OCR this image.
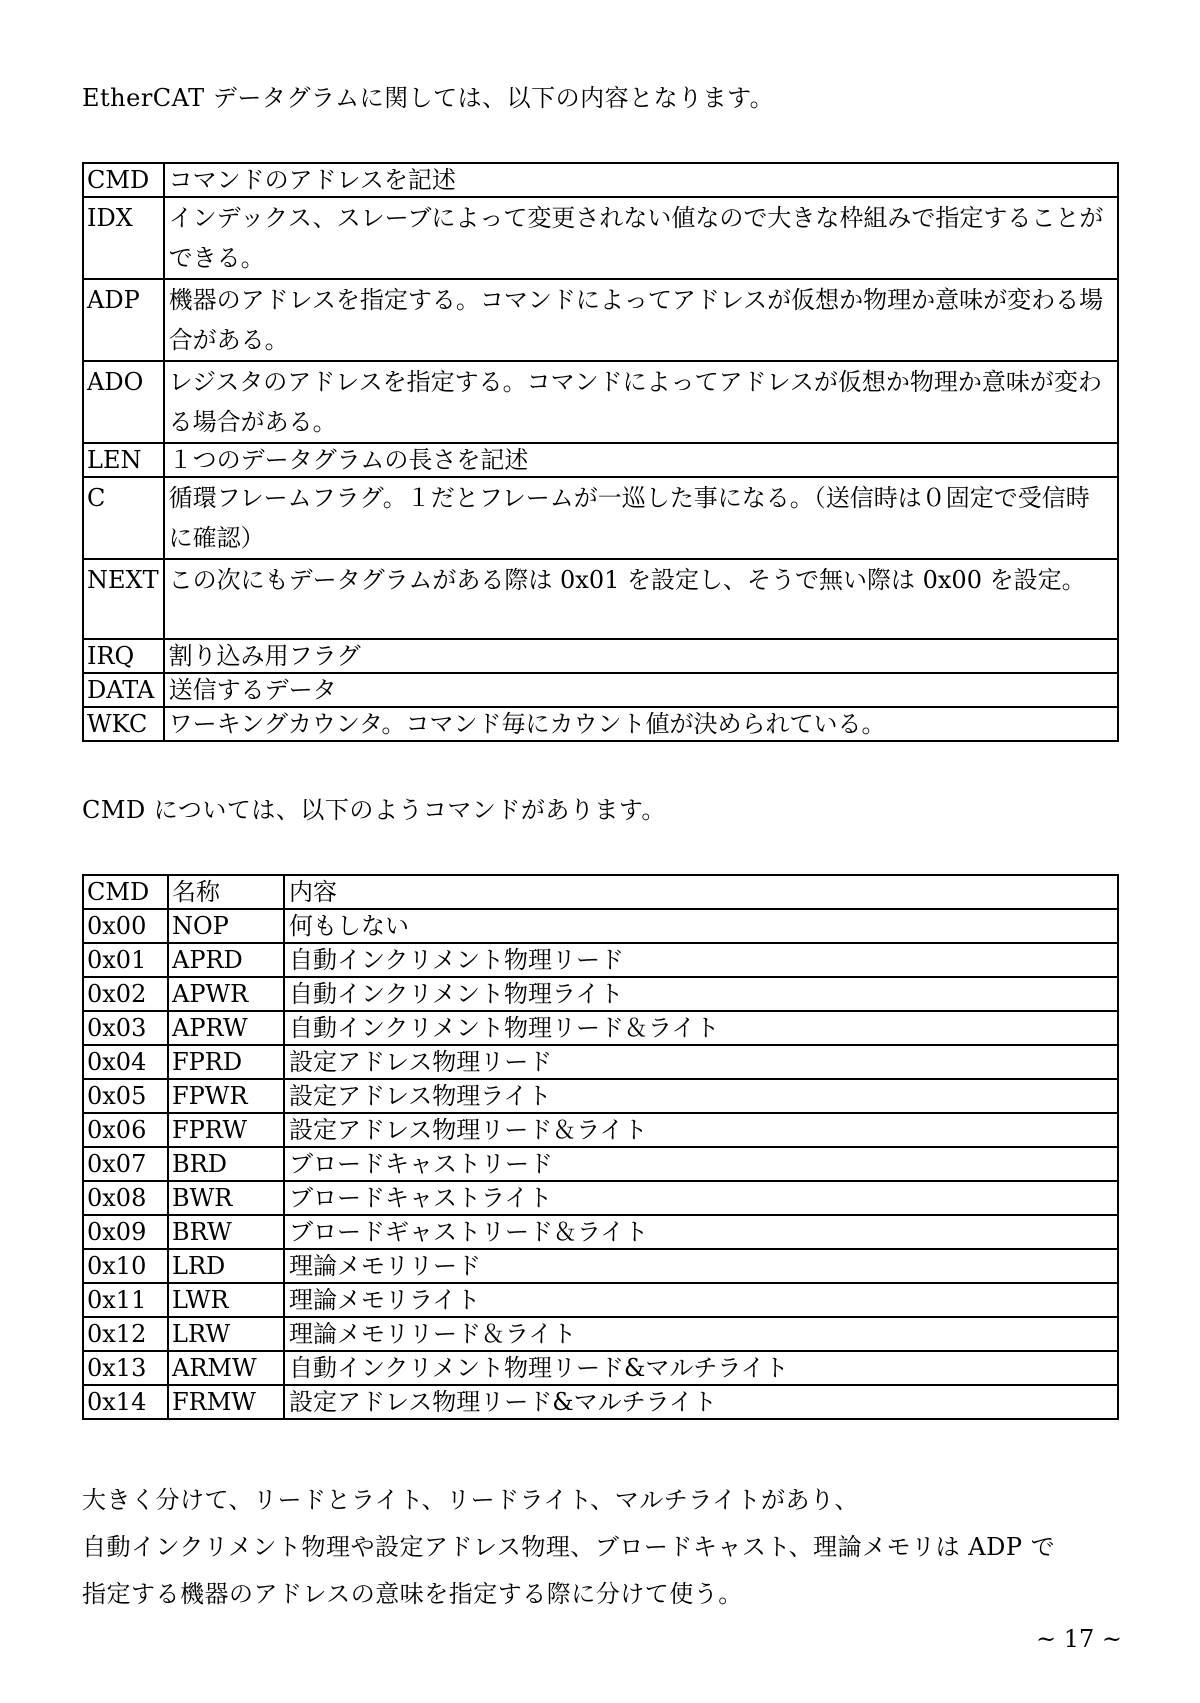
EtherCAT データグラムに関しては、以下の内容となります。
CMD	コマンドのアドレスを記述
IDX	インデックス、スレーブによって変更されない値なので大きな枠組みで指定することができる。
ADP	機器のアドレスを指定する。コマンドによってアドレスが仮想か物理か意味が変わる場合がある。
ADO	レジスタのアドレスを指定する。コマンドによってアドレスが仮想か物理か意味が変わる場合がある。
LEN	１つのデータグラムの長さを記述
C	循環フレームフラグ。１だとフレームが一巡した事になる。（送信時は０固定で受信時に確認）
NEXT	この次にもデータグラムがある際は 0x01 を設定し、そうで無い際は 0x00 を設定。
IRQ	割り込み用フラグ
DATA	送信するデータ
WKC	ワーキングカウンタ。コマンド毎にカウント値が決められている。
CMD については、以下のようコマンドがあります。
CMD	名称	内容
0x00	NOP	何もしない
0x01	APRD	自動インクリメント物理リード
0x02	APWR	自動インクリメント物理ライト
0x03	APRW	自動インクリメント物理リード＆ライト
0x04	FPRD	設定アドレス物理リード
0x05	FPWR	設定アドレス物理ライト
0x06	FPRW	設定アドレス物理リード＆ライト
0x07	BRD	ブロードキャストリード
0x08	BWR	ブロードキャストライト
0x09	BRW	ブロードギャストリード＆ライト
0x10	LRD	理論メモリリード
0x11	LWR	理論メモリライト
0x12	LRW	理論メモリリード＆ライト
0x13	ARMW	自動インクリメント物理リード&マルチライト
0x14	FRMW	設定アドレス物理リード&マルチライト
大きく分けて、リードとライト、リードライト、マルチライトがあり、
自動インクリメント物理や設定アドレス物理、ブロードキャスト、理論メモリは ADP で
指定する機器のアドレスの意味を指定する際に分けて使う。
~ 17 ~
